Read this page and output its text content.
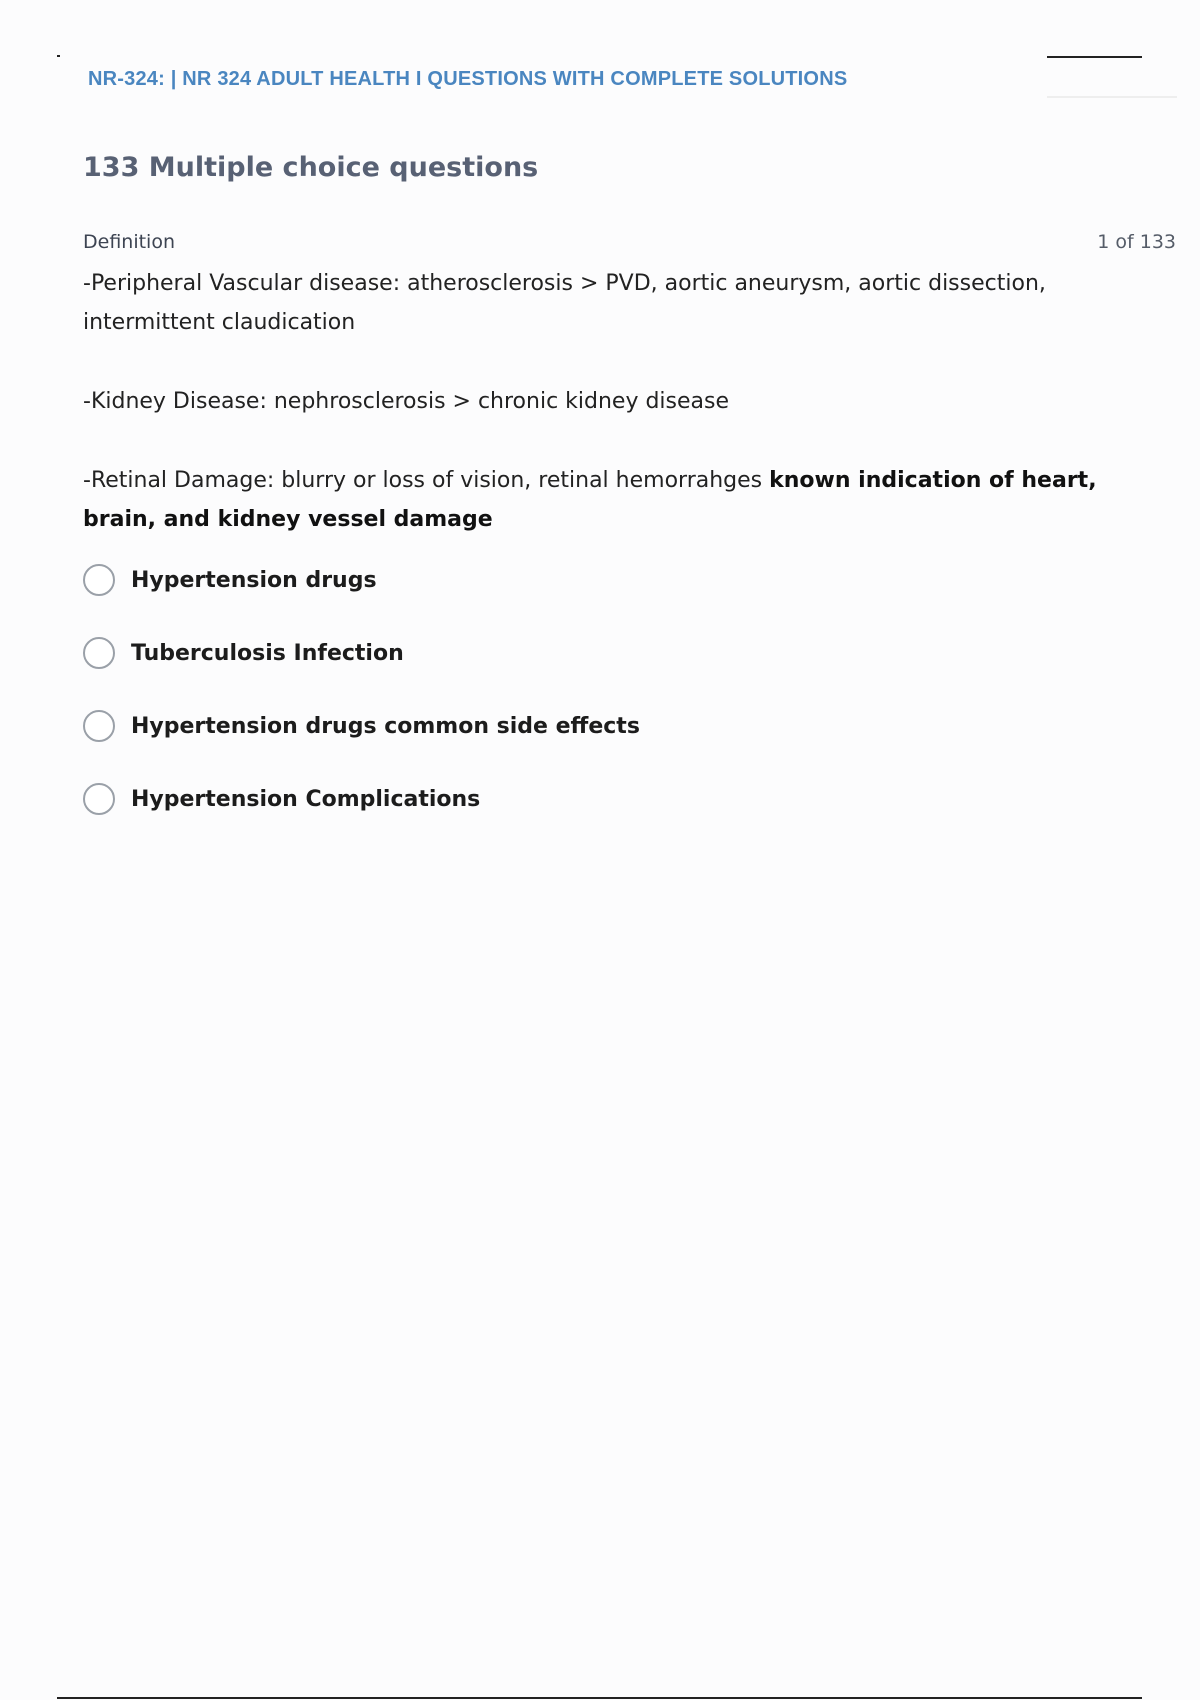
NR-324: | NR 324 ADULT HEALTH I QUESTIONS WITH COMPLETE SOLUTIONS
133 Multiple choice questions
Definition	1 of 133

-Peripheral Vascular disease: atherosclerosis > PVD, aortic aneurysm, aortic dissection, intermittent claudication

-Kidney Disease: nephrosclerosis > chronic kidney disease

-Retinal Damage: blurry or loss of vision, retinal hemorrahges known indication of heart, brain, and kidney vessel damage

Hypertension drugs
Tuberculosis Infection
Hypertension drugs common side effects
Hypertension Complications
